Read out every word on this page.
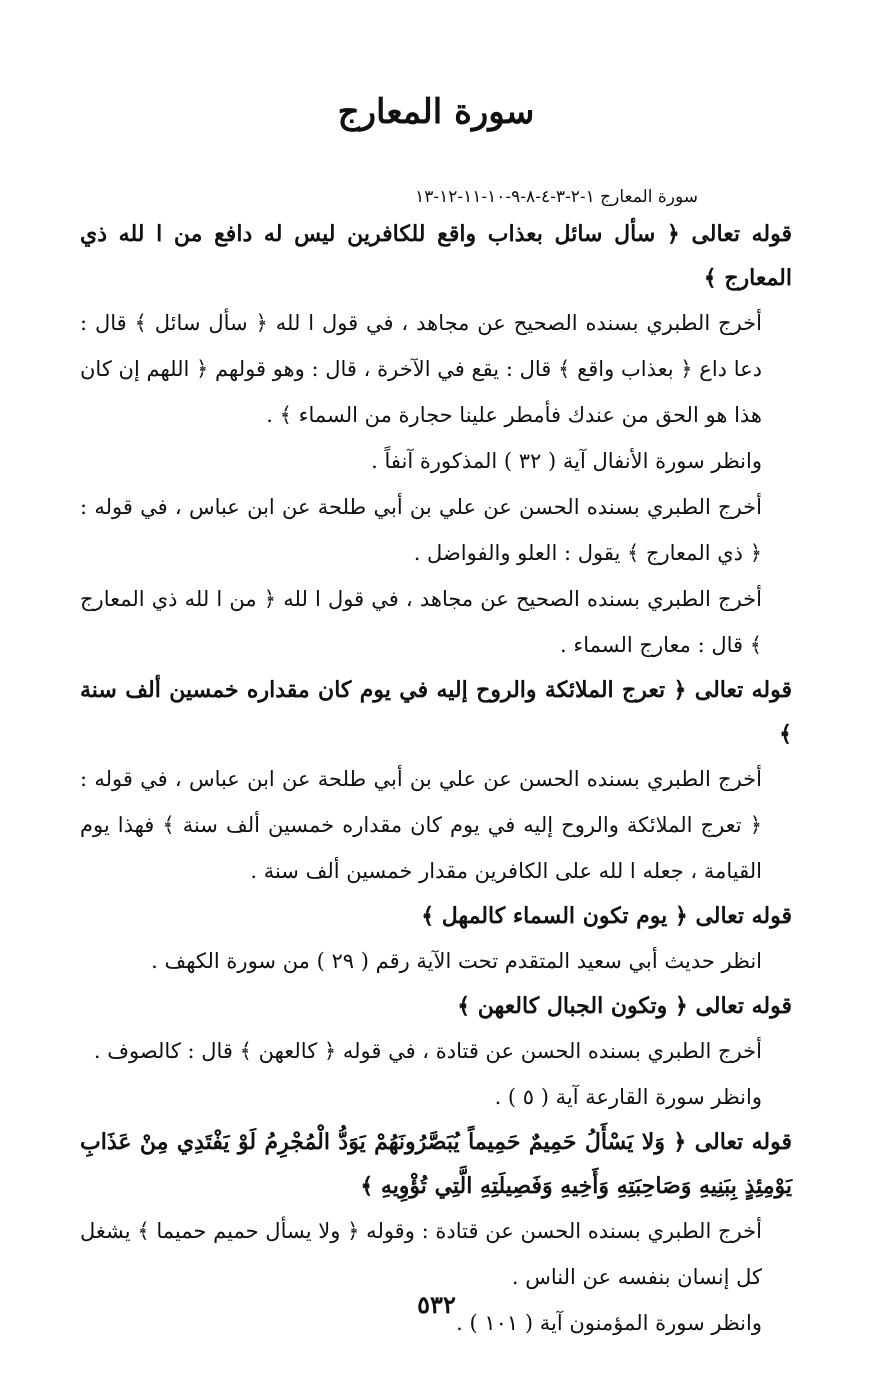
سورة المعارج
سورة المعارج ١-٢-٣-٤-٨-٩-١٠-١١-١٢-١٣
قوله تعالى ﴿ سأل سائل بعذاب واقع للكافرين ليس له دافع من ا لله ذي المعارج ﴾

أخرج الطبري بسنده الصحيح عن مجاهد ، في قول ا لله ﴿ سأل سائل ﴾ قال : دعا داع ﴿ بعذاب واقع ﴾ قال : يقع في الآخرة ، قال : وهو قولهم ﴿ اللهم إن كان هذا هو الحق من عندك فأمطر علينا حجارة من السماء ﴾ .

وانظر سورة الأنفال آية ( ٣٢ ) المذكورة آنفاً .

أخرج الطبري بسنده الحسن عن علي بن أبي طلحة عن ابن عباس ، في قوله : ﴿ ذي المعارج ﴾ يقول : العلو والفواضل .

أخرج الطبري بسنده الصحيح عن مجاهد ، في قول ا لله ﴿ من ا لله ذي المعارج ﴾ قال : معارج السماء .

قوله تعالى ﴿ تعرج الملائكة والروح إليه في يوم كان مقداره خمسين ألف سنة ﴾

أخرج الطبري بسنده الحسن عن علي بن أبي طلحة عن ابن عباس ، في قوله : ﴿ تعرج الملائكة والروح إليه في يوم كان مقداره خمسين ألف سنة ﴾ فهذا يوم القيامة ، جعله ا لله على الكافرين مقدار خمسين ألف سنة .

قوله تعالى ﴿ يوم تكون السماء كالمهل ﴾

انظر حديث أبي سعيد المتقدم تحت الآية رقم ( ٢٩ ) من سورة الكهف .

قوله تعالى ﴿ وتكون الجبال كالعهن ﴾

أخرج الطبري بسنده الحسن عن قتادة ، في قوله ﴿ كالعهن ﴾ قال : كالصوف .

وانظر سورة القارعة آية ( ٥ ) .

قوله تعالى ﴿ وَلا يَسْأَلُ حَمِيمٌ حَمِيماً يُبَصَّرُونَهُمْ يَوَدُّ الْمُجْرِمُ لَوْ يَفْتَدِي مِنْ عَذَابِ يَوْمِئِذٍ بِبَنِيهِ وَصَاحِبَتِهِ وَأَخِيهِ وَفَصِيلَتِهِ الَّتِي تُؤْوِيهِ ﴾

أخرج الطبري بسنده الحسن عن قتادة : وقوله ﴿ ولا يسأل حميم حميما ﴾ يشغل كل إنسان بنفسه عن الناس .

وانظر سورة المؤمنون آية ( ١٠١ ) .

٥٣٢
